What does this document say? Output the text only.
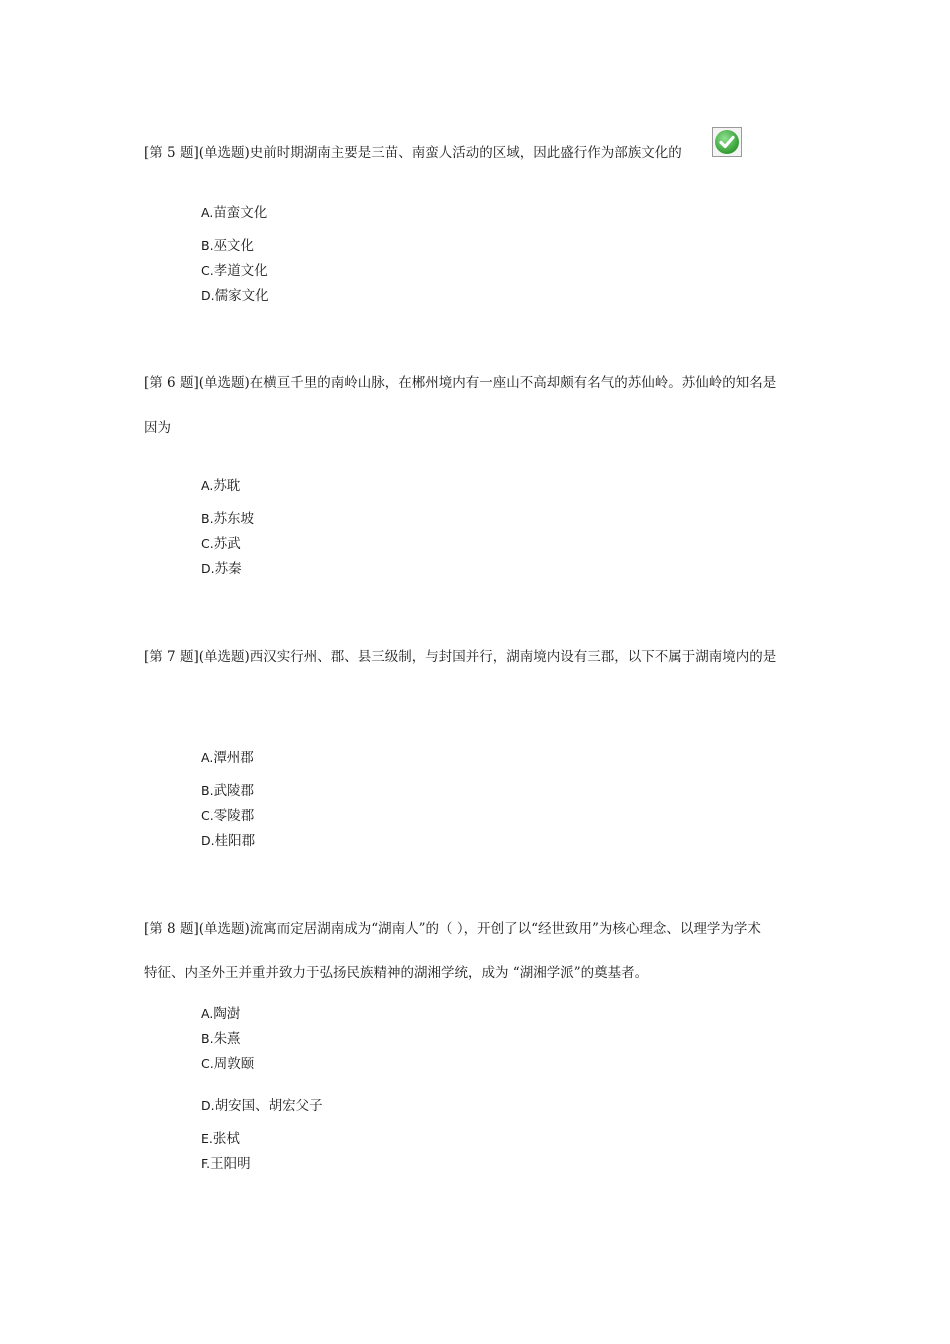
[第 5 题](单选题)史前时期湖南主要是三苗、南蛮人活动的区域，因此盛行作为部族文化的
A.苗蛮文化
B.巫文化
C.孝道文化
D.儒家文化
[第 6 题](单选题)在横亘千里的南岭山脉，在郴州境内有一座山不高却颇有名气的苏仙岭。苏仙岭的知名是
因为
A.苏耽
B.苏东坡
C.苏武
D.苏秦
[第 7 题](单选题)西汉实行州、郡、县三级制，与封国并行，湖南境内设有三郡，以下不属于湖南境内的是
A.潭州郡
B.武陵郡
C.零陵郡
D.桂阳郡
[第 8 题](单选题)流寓而定居湖南成为“湖南人”的（ ），开创了以“经世致用”为核心理念、以理学为学术
特征、内圣外王并重并致力于弘扬民族精神的湖湘学统，成为 “湖湘学派”的奠基者。
A.陶澍
B.朱熹
C.周敦颐
D.胡安国、胡宏父子
E.张栻
F.王阳明
